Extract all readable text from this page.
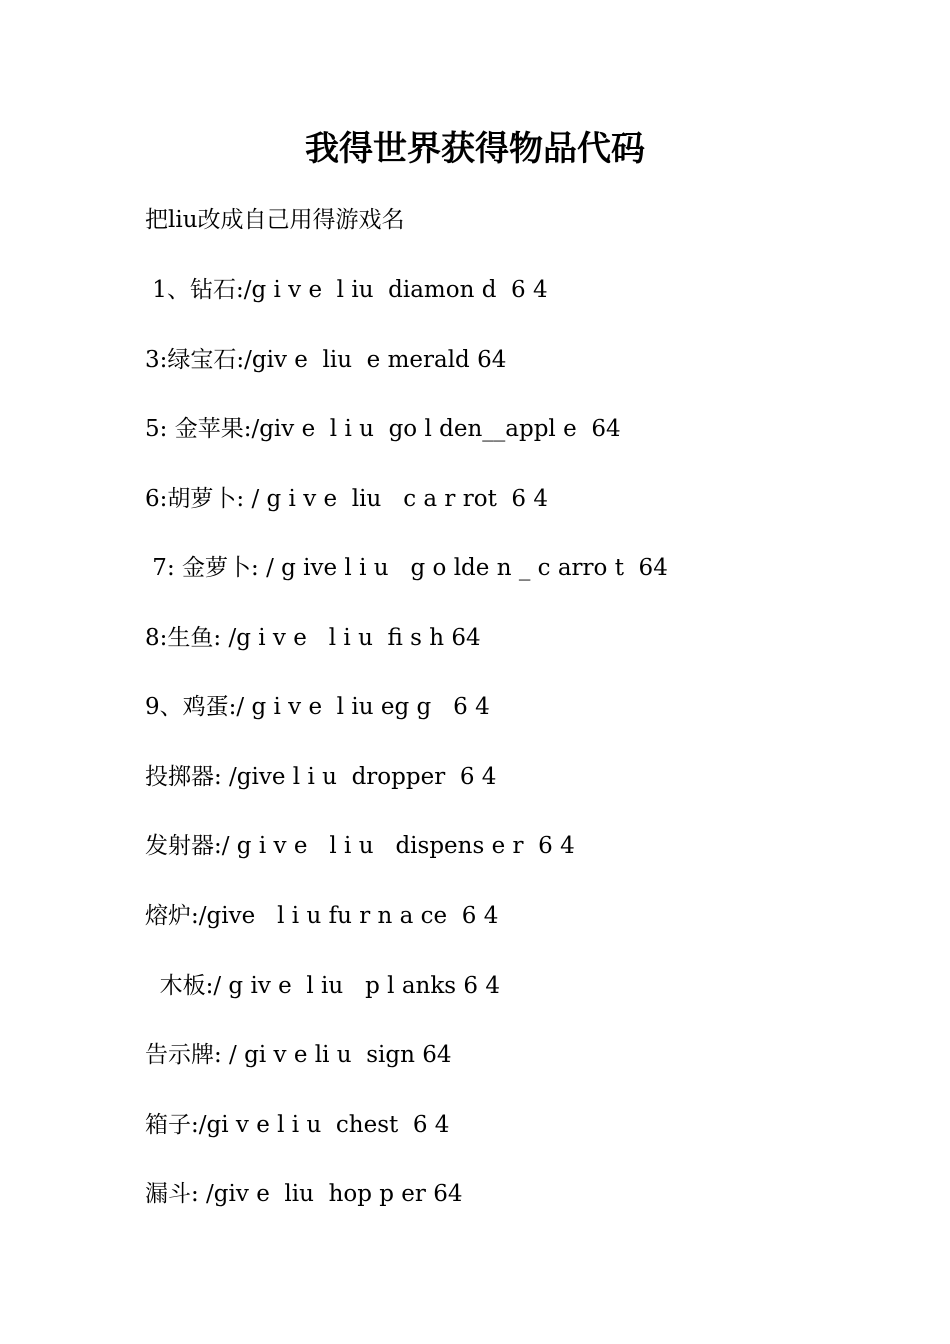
我得世界获得物品代码
把liu改成自己用得游戏名
1、钻石:/g i v e  l iu  diamon d  6 4
3:绿宝石:/giv e  liu  e merald 64
5: 金苹果:/giv e  l i u  go l den__appl e  64
6:胡萝卜: / g i v e  liu   c a r rot  6 4
7: 金萝卜: / g ive l i u   g o lde n _ c arro t  64
8:生鱼: /g i v e   l i u  fi s h 64
9、鸡蛋:/ g i v e  l iu eg g   6 4
投掷器: /give l i u  dropper  6 4
发射器:/ g i v e   l i u   dispens e r  6 4
熔炉:/give   l i u fu r n a ce  6 4
木板:/ g iv e  l iu   p l anks 6 4
告示牌: / gi v e li u  sign 64
箱子:/gi v e l i u  chest  6 4
漏斗: /giv e  liu  hop p er 64
